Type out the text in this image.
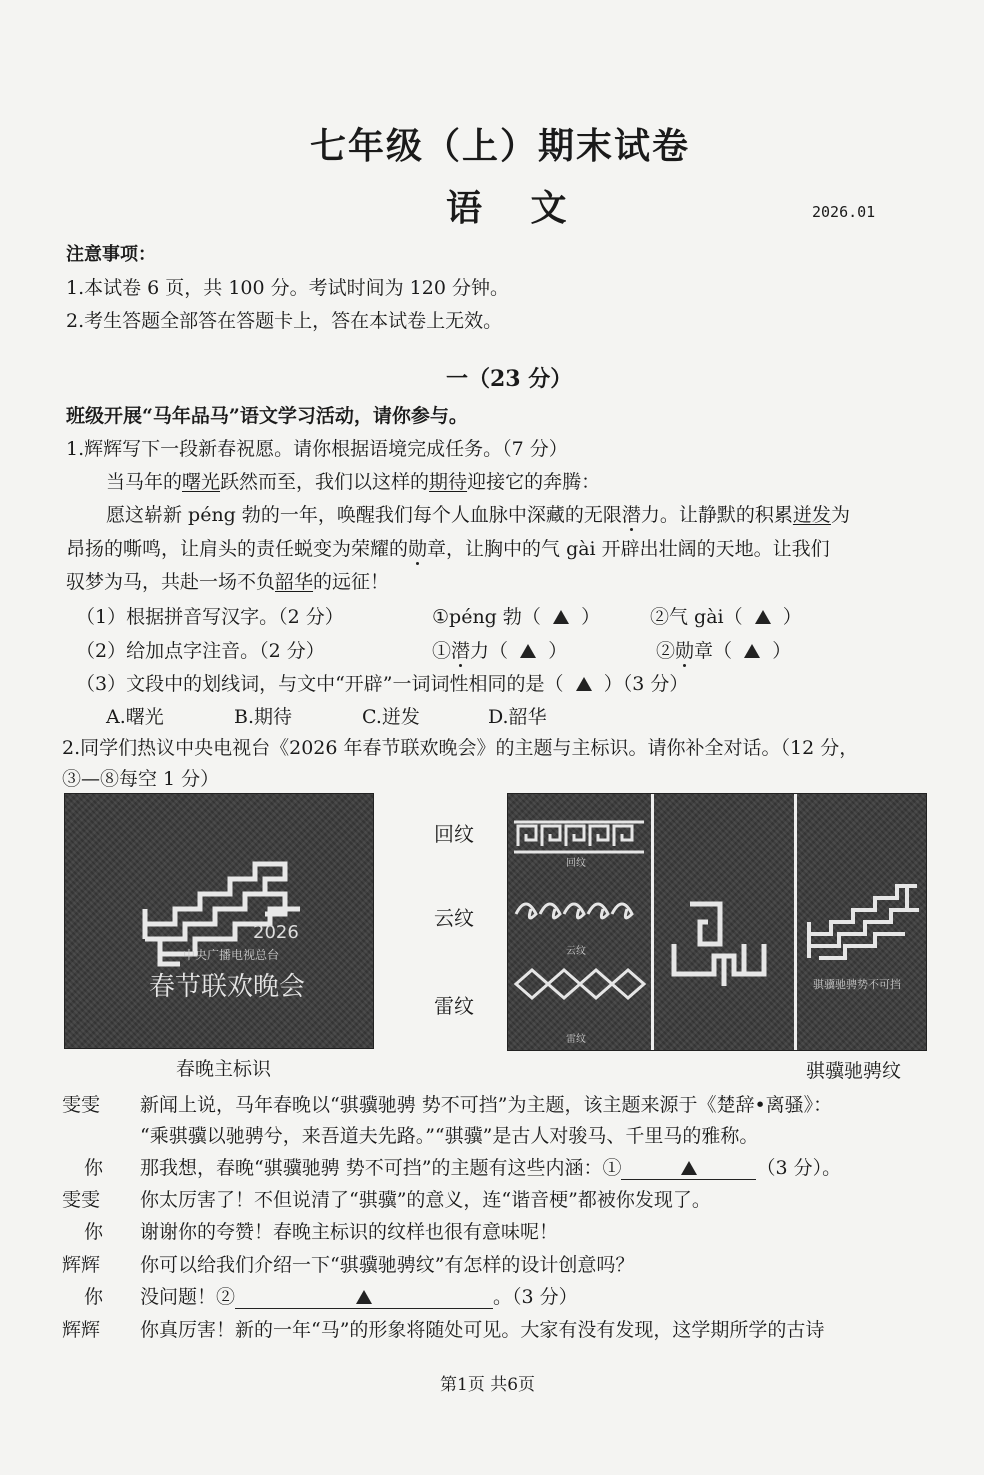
七年级（上）期末试卷
语 文	2026.01
注意事项：
1.本试卷 6 页，共 100 分。考试时间为 120 分钟。
2.考生答题全部答在答题卡上，答在本试卷上无效。
一（23 分）
班级开展“马年品马”语文学习活动，请你参与。
1.辉辉写下一段新春祝愿。请你根据语境完成任务。（7 分）
当马年的曙光跃然而至，我们以这样的期待迎接它的奔腾：
愿这崭新 péng 勃的一年，唤醒我们每个人血脉中深藏的无限潜力。让静默的积累迸发为
昂扬的嘶鸣，让肩头的责任蜕变为荣耀的勋章，让胸中的气 gài 开辟出壮阔的天地。让我们
驭梦为马，共赴一场不负韶华的远征！
（1）根据拼音写汉字。（2 分）	①péng 勃（ ）	②气 gài（ ）
（2）给加点字注音。（2 分）	①潜力（ ）	②勋章（ ）
（3）文段中的划线词，与文中“开辟”一词词性相同的是（ ）（3 分）
A.曙光	B.期待	C.迸发	D.韶华
2.同学们热议中央电视台《2026 年春节联欢晚会》的主题与主标识。请你补全对话。（12 分，
③—⑧每空 1 分）
2026
中央广播电视总台
春节联欢晚会
春晚主标识
回纹
云纹
雷纹
回纹
云纹
雷纹
骐骥驰骋势不可挡
骐骥驰骋纹
雯雯 新闻上说，马年春晚以“骐骥驰骋 势不可挡”为主题，该主题来源于《楚辞•离骚》：
“乘骐骥以驰骋兮，来吾道夫先路。”“骐骥”是古人对骏马、千里马的雅称。
你 那我想，春晚“骐骥驰骋 势不可挡”的主题有这些内涵：①	（3 分）。
雯雯 你太厉害了！不但说清了“骐骥”的意义，连“谐音梗”都被你发现了。
你 谢谢你的夸赞！春晚主标识的纹样也很有意味呢！
辉辉 你可以给我们介绍一下“骐骥驰骋纹”有怎样的设计创意吗？
你 没问题！②	。（3 分）
辉辉 你真厉害！新的一年“马”的形象将随处可见。大家有没有发现，这学期所学的古诗
第1页 共6页
